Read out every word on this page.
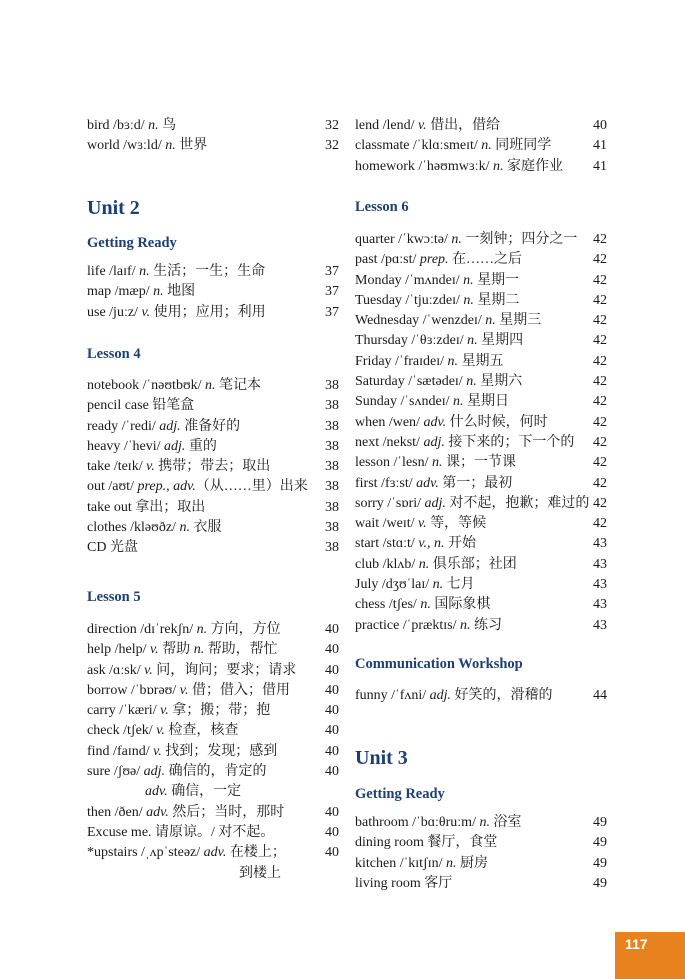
bird /bɜːd/ n. 鸟	32
world /wɜːld/ n. 世界	32
Unit 2
Getting Ready
life /laɪf/ n. 生活；一生；生命	37
map /mæp/ n. 地图	37
use /juːz/ v. 使用；应用；利用	37
Lesson 4
notebook /ˈnəʊtbʊk/ n. 笔记本	38
pencil case 铅笔盒	38
ready /ˈredi/ adj. 准备好的	38
heavy /ˈhevi/ adj. 重的	38
take /teɪk/ v. 携带；带去；取出	38
out /aʊt/ prep., adv.（从……里）出来 38
take out 拿出；取出	38
clothes /kləʊðz/ n. 衣服	38
CD 光盘	38
Lesson 5
direction /dɪˈrekʃn/ n. 方向，方位	40
help /help/ v. 帮助 n. 帮助，帮忙	40
ask /ɑːsk/ v. 问，询问；要求；请求 40
borrow /ˈbɒrəʊ/ v. 借；借入；借用	40
carry /ˈkæri/ v. 拿；搬；带；抱	40
check /tʃek/ v. 检查，核查	40
find /faɪnd/ v. 找到；发现；感到	40
sure /ʃʊə/ adj. 确信的，肯定的	40
adv. 确信，一定
then /ðen/ adv. 然后；当时，那时	40
Excuse me. 请原谅。/ 对不起。	40
*upstairs /ˌʌpˈsteəz/ adv. 在楼上；	40
到楼上
lend /lend/ v. 借出，借给	40
classmate /ˈklɑːsmeɪt/ n. 同班同学	41
homework /ˈhəʊmwɜːk/ n. 家庭作业 41
Lesson 6
quarter /ˈkwɔːtə/ n. 一刻钟；四分之一 42
past /pɑːst/ prep. 在……之后	42
Monday /ˈmʌndeɪ/ n. 星期一	42
Tuesday /ˈtjuːzdeɪ/ n. 星期二	42
Wednesday /ˈwenzdeɪ/ n. 星期三	42
Thursday /ˈθɜːzdeɪ/ n. 星期四	42
Friday /ˈfraɪdeɪ/ n. 星期五	42
Saturday /ˈsætədeɪ/ n. 星期六	42
Sunday /ˈsʌndeɪ/ n. 星期日	42
when /wen/ adv. 什么时候，何时	42
next /nekst/ adj. 接下来的；下一个的 42
lesson /ˈlesn/ n. 课；一节课	42
first /fɜːst/ adv. 第一；最初	42
sorry /ˈsɒri/ adj. 对不起，抱歉；难过的 42
wait /weɪt/ v. 等，等候	42
start /stɑːt/ v., n. 开始	43
club /klʌb/ n. 俱乐部；社团	43
July /dʒʊˈlaɪ/ n. 七月	43
chess /tʃes/ n. 国际象棋	43
practice /ˈpræktɪs/ n. 练习	43
Communication Workshop
funny /ˈfʌni/ adj. 好笑的，滑稽的	44
Unit 3
Getting Ready
bathroom /ˈbɑːθruːm/ n. 浴室	49
dining room 餐厅，食堂	49
kitchen /ˈkɪtʃɪn/ n. 厨房	49
living room 客厅	49
117
